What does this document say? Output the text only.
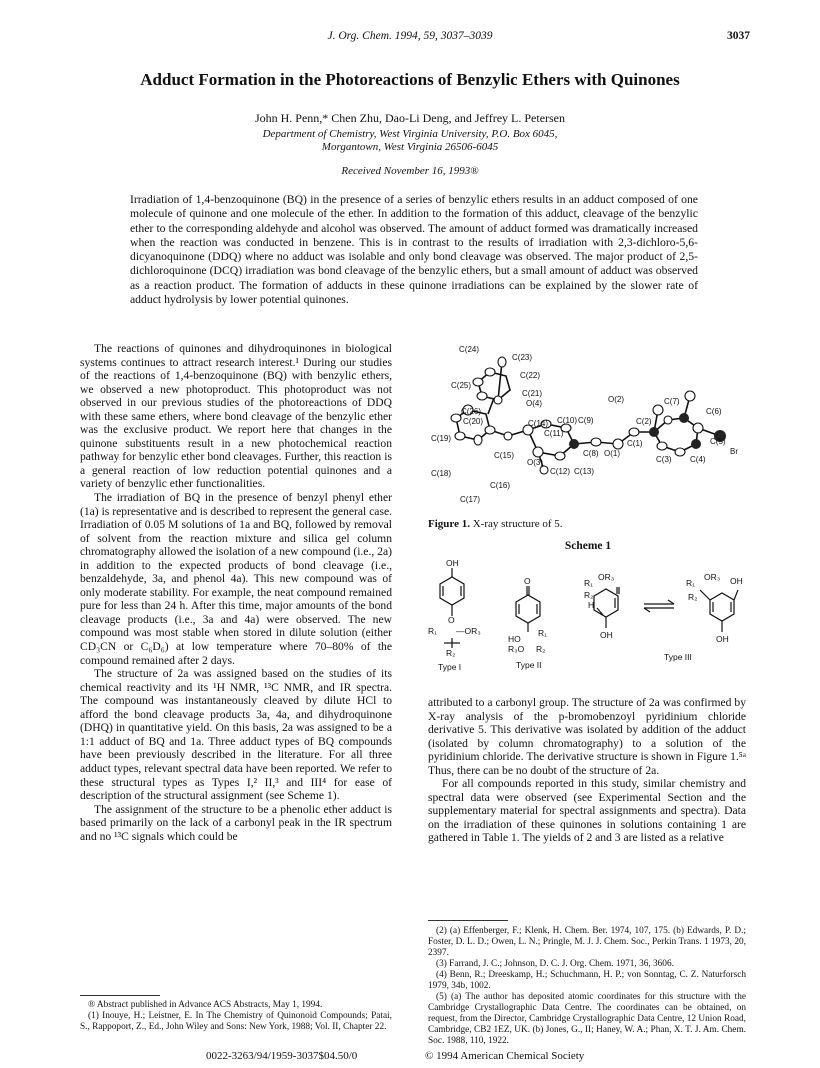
J. Org. Chem. 1994, 59, 3037–3039	3037
Adduct Formation in the Photoreactions of Benzylic Ethers with Quinones
John H. Penn,* Chen Zhu, Dao-Li Deng, and Jeffrey L. Petersen
Department of Chemistry, West Virginia University, P.O. Box 6045,
Morgantown, West Virginia 26506-6045
Received November 16, 1993®
Irradiation of 1,4-benzoquinone (BQ) in the presence of a series of benzylic ethers results in an adduct composed of one molecule of quinone and one molecule of the ether. In addition to the formation of this adduct, cleavage of the benzylic ether to the corresponding aldehyde and alcohol was observed. The amount of adduct formed was dramatically increased when the reaction was conducted in benzene. This is in contrast to the results of irradiation with 2,3-dichloro-5,6-dicyanoquinone (DDQ) where no adduct was isolable and only bond cleavage was observed. The major product of 2,5-dichloroquinone (DCQ) irradiation was bond cleavage of the benzylic ethers, but a small amount of adduct was observed as a reaction product. The formation of adducts in these quinone irradiations can be explained by the slower rate of adduct hydrolysis by lower potential quinones.

The reactions of quinones and dihydroquinones in biological systems continues to attract research interest.¹ During our studies of the reactions of 1,4-benzoquinone (BQ) with benzylic ethers, we observed a new photoproduct. This photoproduct was not observed in our previous studies of the photoreactions of DDQ with these same ethers, where bond cleavage of the benzylic ether was the exclusive product. We report here that changes in the quinone substituents result in a new photochemical reaction pathway for benzylic ether bond cleavages. Further, this reaction is a general reaction of low reduction potential quinones and a variety of benzylic ether functionalities.

The irradiation of BQ in the presence of benzyl phenyl ether (1a) is representative and is described to represent the general case. Irradiation of 0.05 M solutions of 1a and BQ, followed by removal of solvent from the reaction mixture and silica gel column chromatography allowed the isolation of a new compound (i.e., 2a) in addition to the expected products of bond cleavage (i.e., benzaldehyde, 3a, and phenol 4a). This new compound was of only moderate stability. For example, the neat compound remained pure for less than 24 h. After this time, major amounts of the bond cleavage products (i.e., 3a and 4a) were observed. The new compound was most stable when stored in dilute solution (either CD₃CN or C₆D₆) at low temperature where 70–80% of the compound remained after 2 days.

The structure of 2a was assigned based on the studies of its chemical reactivity and its ¹H NMR, ¹³C NMR, and IR spectra. The compound was instantaneously cleaved by dilute HCl to afford the bond cleavage products 3a, 4a, and dihydroquinone (DHQ) in quantitative yield. On this basis, 2a was assigned to be a 1:1 adduct of BQ and 1a. Three adduct types of BQ compounds have been previously described in the literature. For all three adduct types, relevant spectral data have been reported. We refer to these structural types as Types I,² II,³ and III⁴ for ease of description of the structural assignment (see Scheme 1).

The assignment of the structure to be a phenolic ether adduct is based primarily on the lack of a carbonyl peak in the IR spectrum and no ¹³C signals which could be

C(24)
C(23)
C(22)
C(25)
C(21)
O(4)
C(26)
C(20)	C(14) C(10) C(9)
C(11)
C(19)
C(15)
O(3)
C(8) O(1)
C(12) C(13)
C(18)
C(16)
C(17)
O(2)	C(7)
C(6)
C(2)
C(1)	C(5)
Br
C(4)
C(3)
Figure 1. X-ray structure of 5.
Scheme 1
OH
O
R₁ —OR₃
R₂
Type I
O
R₁
HO
R₃O R₂
Type II
R₁
OR₃
R₂
H
OH
R₁
OR₃ OH
R₂
OH
Type III

attributed to a carbonyl group. The structure of 2a was confirmed by X-ray analysis of the p-bromobenzoyl pyridinium chloride derivative 5. This derivative was isolated by addition of the adduct (isolated by column chromatography) to a solution of the pyridinium chloride. The derivative structure is shown in Figure 1.⁵ᵃ Thus, there can be no doubt of the structure of 2a.

For all compounds reported in this study, similar chemistry and spectral data were observed (see Experimental Section and the supplementary material for spectral assignments and spectra). Data on the irradiation of these quinones in solutions containing 1 are gathered in Table 1. The yields of 2 and 3 are listed as a relative

® Abstract published in Advance ACS Abstracts, May 1, 1994.

(1) Inouye, H.; Leistner, E. In The Chemistry of Quinonoid Compounds; Patai, S., Rappoport, Z., Ed., John Wiley and Sons: New York, 1988; Vol. II, Chapter 22.

(2) (a) Effenberger, F.; Klenk, H. Chem. Ber. 1974, 107, 175. (b) Edwards, P. D.; Foster, D. L. D.; Owen, L. N.; Pringle, M. J. J. Chem. Soc., Perkin Trans. 1 1973, 20, 2397.

(3) Farrand, J. C.; Johnson, D. C. J. Org. Chem. 1971, 36, 3606.

(4) Benn, R.; Dreeskamp, H.; Schuchmann, H. P.; von Sonntag, C. Z. Naturforsch 1979, 34b, 1002.

(5) (a) The author has deposited atomic coordinates for this structure with the Cambridge Crystallographic Data Centre. The coordinates can be obtained, on request, from the Director, Cambridge Crystallographic Data Centre, 12 Union Road, Cambridge, CB2 1EZ, UK. (b) Jones, G., II; Haney, W. A.; Phan, X. T. J. Am. Chem. Soc. 1988, 110, 1922.

0022-3263/94/1959-3037$04.50/0	© 1994 American Chemical Society
